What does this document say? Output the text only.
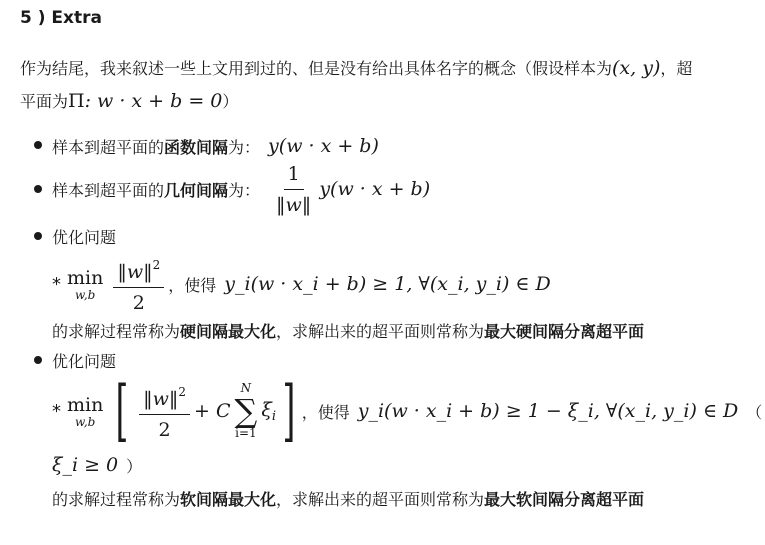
5 ) Extra
作为结尾，我来叙述一些上文用到过的、但是没有给出具体名字的概念（假设样本为(x, y)，超
平面为Π: w · x + b = 0）
样本到超平面的 函数间隔 为： y(w · x + b)
样本到超平面的 几何间隔 为： $\frac{1}{‖w‖} y(w \cdot x + b)$
优化问题
* min
$w,b \frac{‖w‖^2}{2}$ ，使得 y_i(w · x_i + b) ≥ 1, ∀(x_i, y_i) ∈ D
的求解过程常称为 硬间隔最大化 ，求解出来的超平面则常称为 最大硬间隔分离超平面
优化问题
* min
w,b [ $\frac{‖w‖^2}{2} + C$
N
∑
i=1
$\xi_i$ ] ，使得 y_i(w · x_i + b) ≥ 1 − ξ_i, ∀(x_i, y_i) ∈ D （
ξ_i ≥ 0 ）
的求解过程常称为 软间隔最大化 ，求解出来的超平面则常称为 最大软间隔分离超平面
